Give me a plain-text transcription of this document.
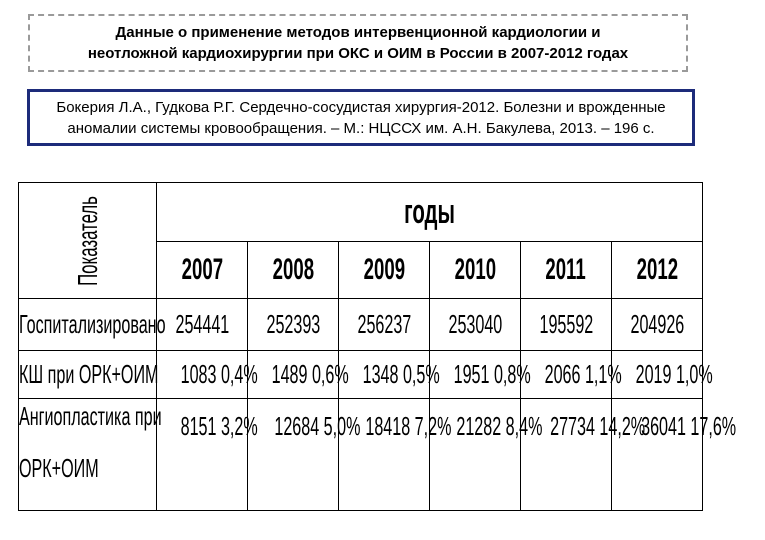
Данные о применение методов интервенционной кардиологии и
неотложной кардиохирургии при ОКС и ОИМ в России в 2007-2012 годах
Бокерия Л.А., Гудкова Р.Г. Сердечно-сосудистая хирургия-2012. Болезни и врожденные
аномалии системы кровообращения. – М.: НЦССХ им. А.Н. Бакулева, 2013. – 196 с.
Показатель	годы					

	2007	2008	2009	2010	2011	2012
Госпитализировано	254441	252393	256237	253040	195592	204926
КШ при ОРК+ОИМ	1083 0,4%	1489 0,6%	1348 0,5%	1951 0,8%	2066 1,1%	2019 1,0%

Ангиопластика при
ОРК+ОИМ	8151 3,2%	12684 5,0%	18418 7,2%	21282 8,4%	27734 14,2%	36041 17,6%
